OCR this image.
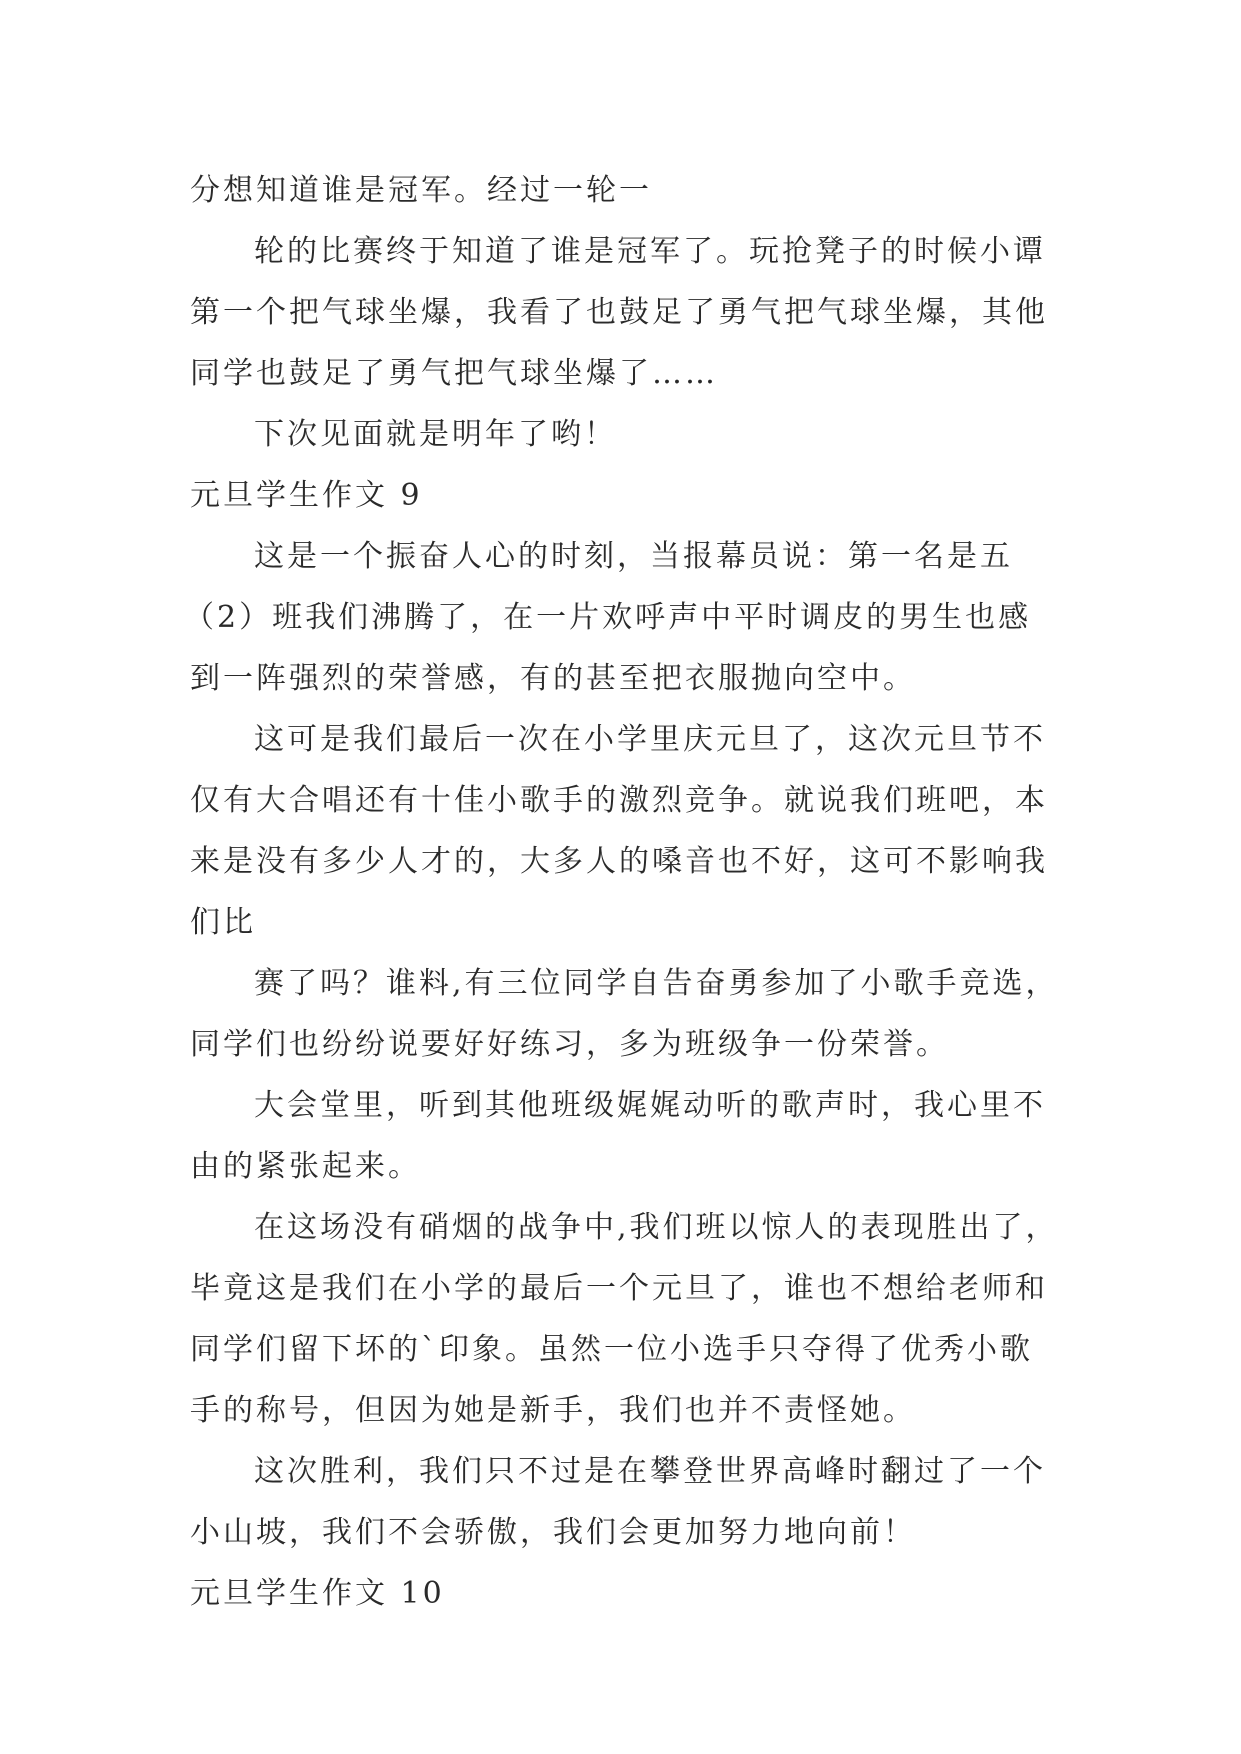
分想知道谁是冠军。经过一轮一
轮的比赛终于知道了谁是冠军了。玩抢凳子的时候小谭
第一个把气球坐爆，我看了也鼓足了勇气把气球坐爆，其他
同学也鼓足了勇气把气球坐爆了……
下次见面就是明年了哟！
元旦学生作文 9
这是一个振奋人心的时刻，当报幕员说：第一名是五
（2）班我们沸腾了，在一片欢呼声中平时调皮的男生也感
到一阵强烈的荣誉感，有的甚至把衣服抛向空中。
这可是我们最后一次在小学里庆元旦了，这次元旦节不
仅有大合唱还有十佳小歌手的激烈竞争。就说我们班吧，本
来是没有多少人才的，大多人的嗓音也不好，这可不影响我
们比
赛了吗？谁料,有三位同学自告奋勇参加了小歌手竞选，
同学们也纷纷说要好好练习，多为班级争一份荣誉。
大会堂里，听到其他班级娓娓动听的歌声时，我心里不
由的紧张起来。
在这场没有硝烟的战争中,我们班以惊人的表现胜出了，
毕竟这是我们在小学的最后一个元旦了，谁也不想给老师和
同学们留下坏的`印象。虽然一位小选手只夺得了优秀小歌
手的称号，但因为她是新手，我们也并不责怪她。
这次胜利，我们只不过是在攀登世界高峰时翻过了一个
小山坡，我们不会骄傲，我们会更加努力地向前！
元旦学生作文 10
